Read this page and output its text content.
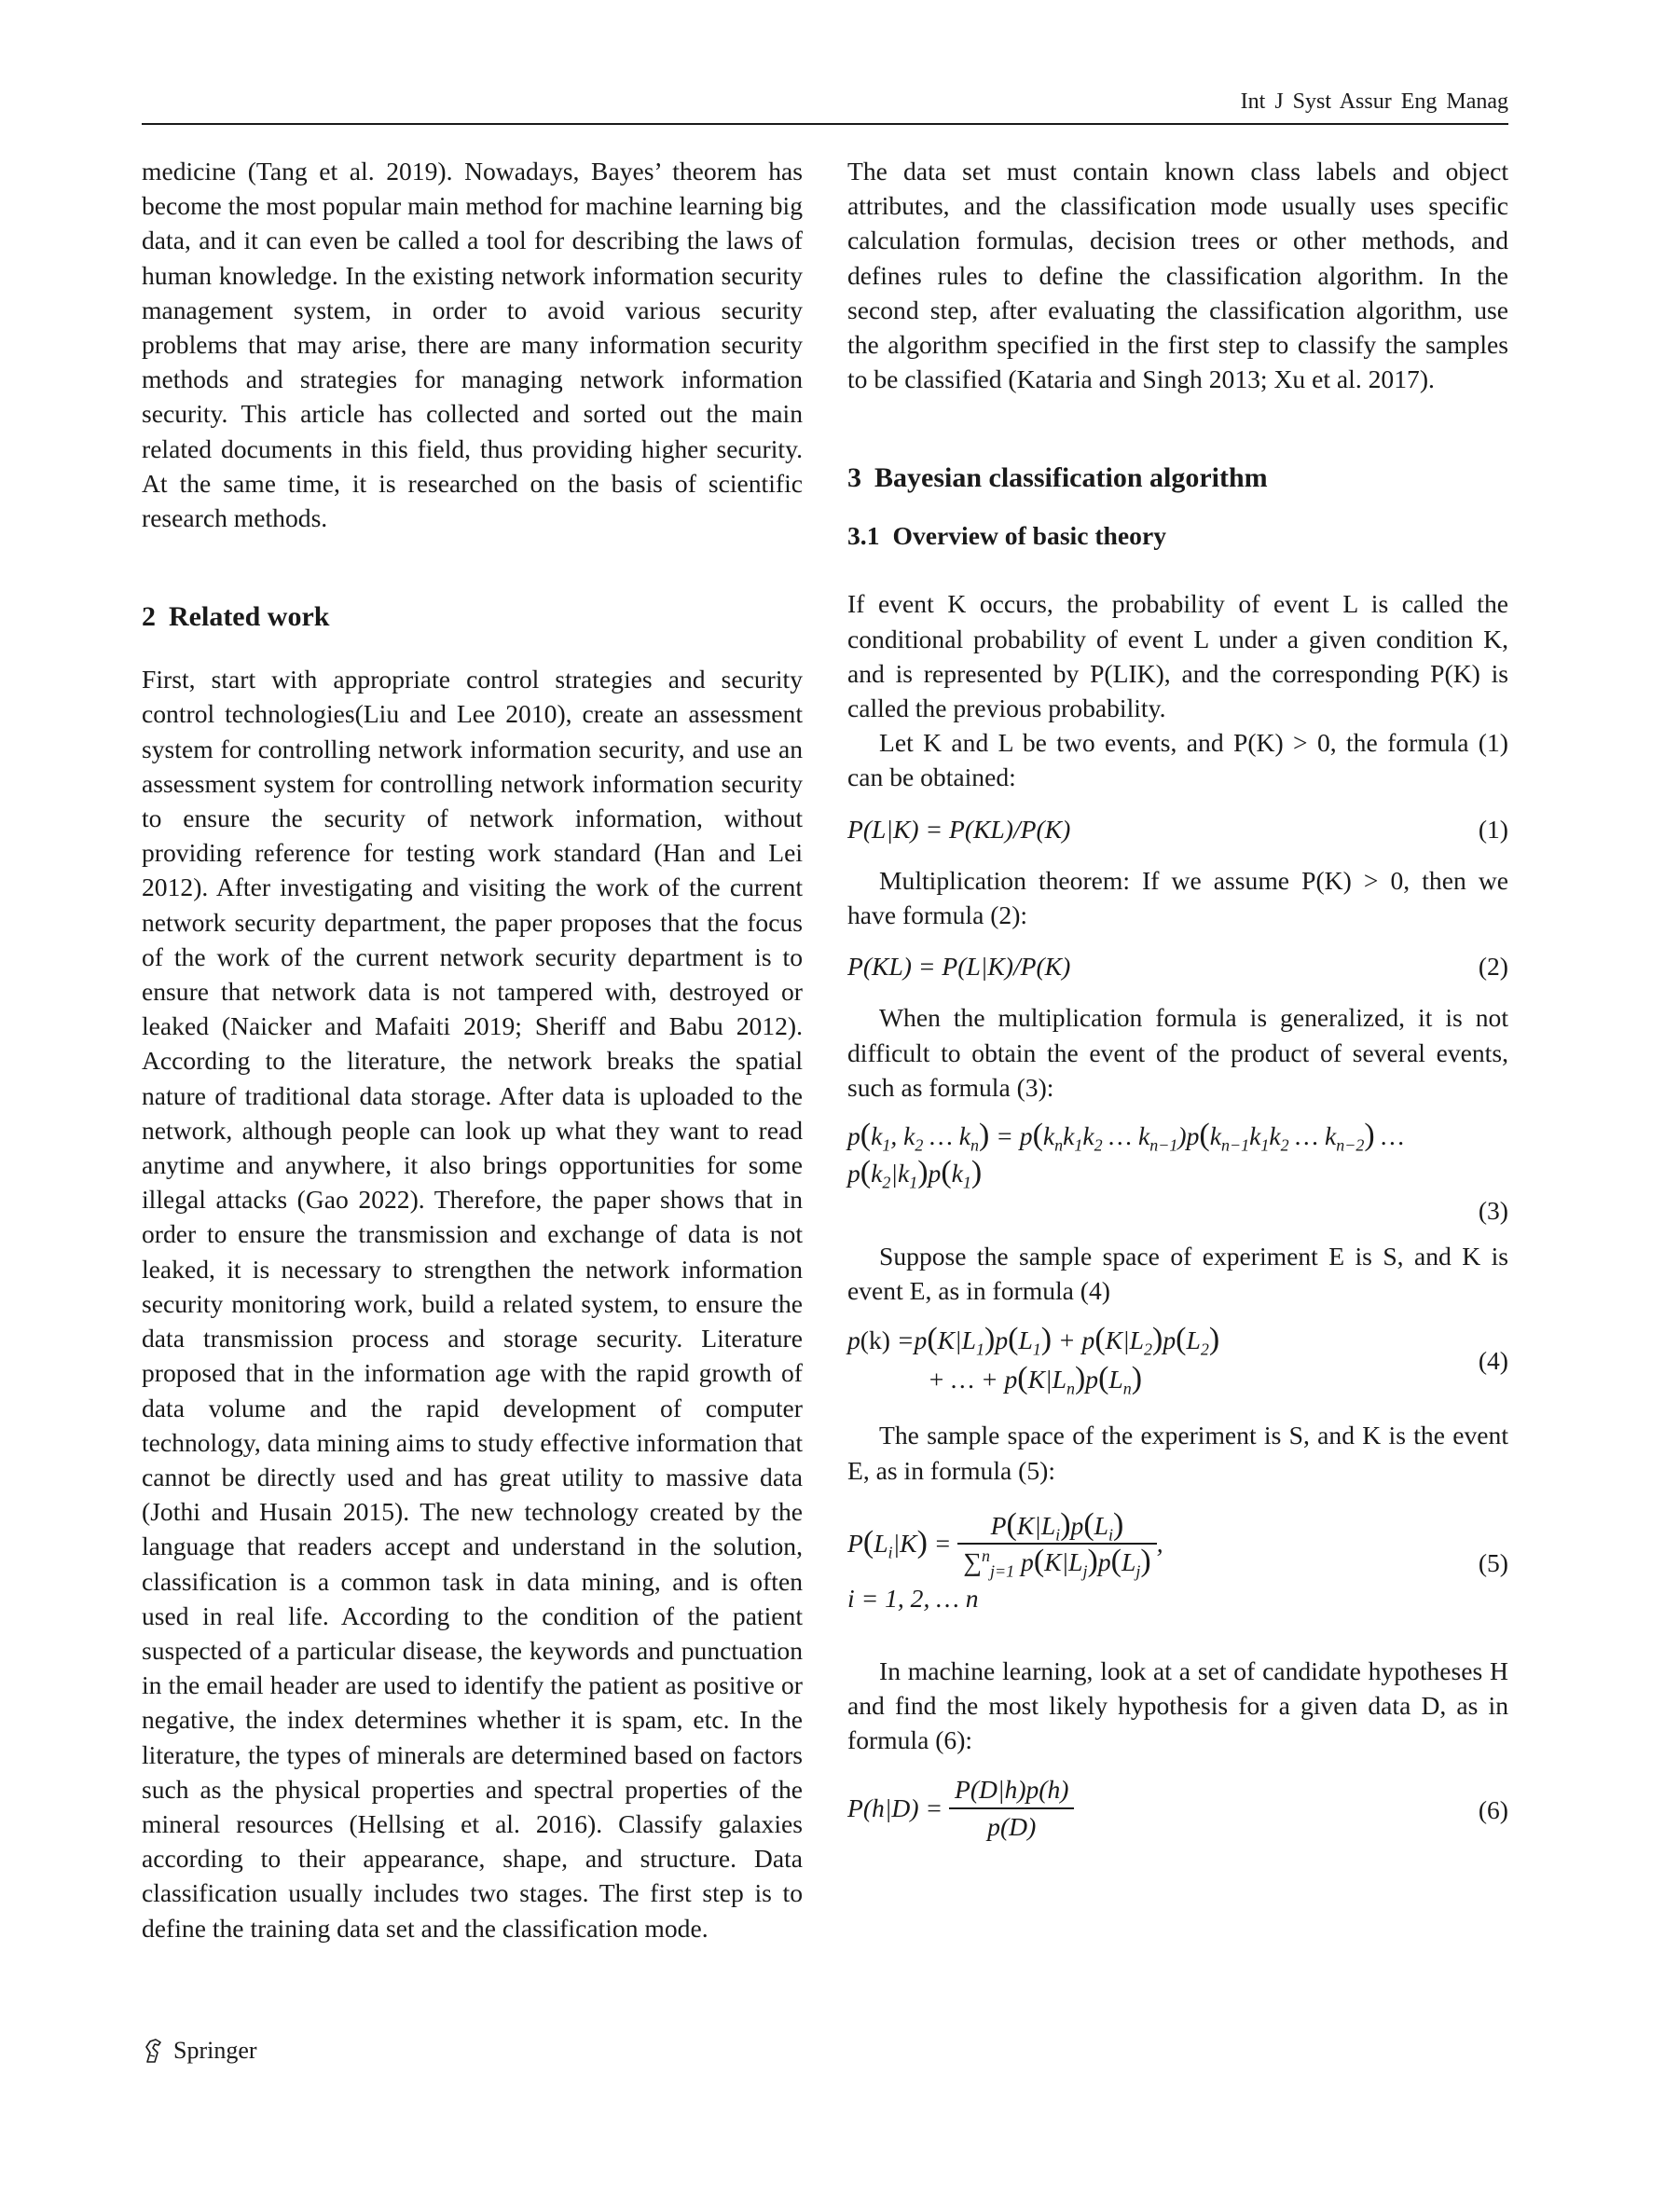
Int J Syst Assur Eng Manag

medicine (Tang et al. 2019). Nowadays, Bayes’ theorem has become the most popular main method for machine learning big data, and it can even be called a tool for describing the laws of human knowledge. In the existing network information security management system, in order to avoid various security problems that may arise, there are many information security methods and strategies for managing network information security. This article has collected and sorted out the main related documents in this field, thus providing higher security. At the same time, it is researched on the basis of scientific research methods.

2 Related work

First, start with appropriate control strategies and security control technologies(Liu and Lee 2010), create an assessment system for controlling network information security, and use an assessment system for controlling network information security to ensure the security of network information, without providing reference for testing work standard (Han and Lei 2012). After investigating and visiting the work of the current network security department, the paper proposes that the focus of the work of the current network security department is to ensure that network data is not tampered with, destroyed or leaked (Naicker and Mafaiti 2019; Sheriff and Babu 2012). According to the literature, the network breaks the spatial nature of traditional data storage. After data is uploaded to the network, although people can look up what they want to read anytime and anywhere, it also brings opportunities for some illegal attacks (Gao 2022). Therefore, the paper shows that in order to ensure the transmission and exchange of data is not leaked, it is necessary to strengthen the network information security monitoring work, build a related system, to ensure the data transmission process and storage security. Literature proposed that in the information age with the rapid growth of data volume and the rapid development of computer technology, data mining aims to study effective information that cannot be directly used and has great utility to massive data (Jothi and Husain 2015). The new technology created by the language that readers accept and understand in the solution, classification is a common task in data mining, and is often used in real life. According to the condition of the patient suspected of a particular disease, the keywords and punctuation in the email header are used to identify the patient as positive or negative, the index determines whether it is spam, etc. In the literature, the types of minerals are determined based on factors such as the physical properties and spectral properties of the mineral resources (Hellsing et al. 2016). Classify galaxies according to their appearance, shape, and structure. Data classification usually includes two stages. The first step is to define the training data set and the classification mode.

The data set must contain known class labels and object attributes, and the classification mode usually uses specific calculation formulas, decision trees or other methods, and defines rules to define the classification algorithm. In the second step, after evaluating the classification algorithm, use the algorithm specified in the first step to classify the samples to be classified (Kataria and Singh 2013; Xu et al. 2017).

3 Bayesian classification algorithm
3.1 Overview of basic theory

If event K occurs, the probability of event L is called the conditional probability of event L under a given condition K, and is represented by P(LIK), and the corresponding P(K) is called the previous probability.

Let K and L be two events, and P(K) > 0, the formula (1) can be obtained:

P(L|K) = P(KL)/P(K)	(1)

Multiplication theorem: If we assume P(K) > 0, then we have formula (2):

P(KL) = P(L|K)/P(K)	(2)

When the multiplication formula is generalized, it is not difficult to obtain the event of the product of several events, such as formula (3):

$p(k_1$, $k_2$ … $k_n) = p(k_nk_1k_2$ … $k_{n-1})p(k_{n-1}k_1k_2$ … $k_{n-2}$) …
$p(k_2|k_1)p(k_1)$
(3)

Suppose the sample space of experiment E is S, and K is event E, as in formula (4)

$p(k) =p(K|L_1)p(L_1) + p(K|L_2)p(L_2)$
+ … + $p(K|L_n)p(L_n)$
(4)

The sample space of the experiment is S, and K is the event E, as in formula (5):

$P(L_i|K) = \frac{P(K|L_i)p(L_i)}{\sum^n_{j=1} p(K|L_j)p(L_j)}$ ,
i = 1, 2, … n
(5)

In machine learning, look at a set of candidate hypotheses H and find the most likely hypothesis for a given data D, as in formula (6):

$P(h|D) = \frac{P(D|h)p(h)}{p(D)}$	(6)
Springer
